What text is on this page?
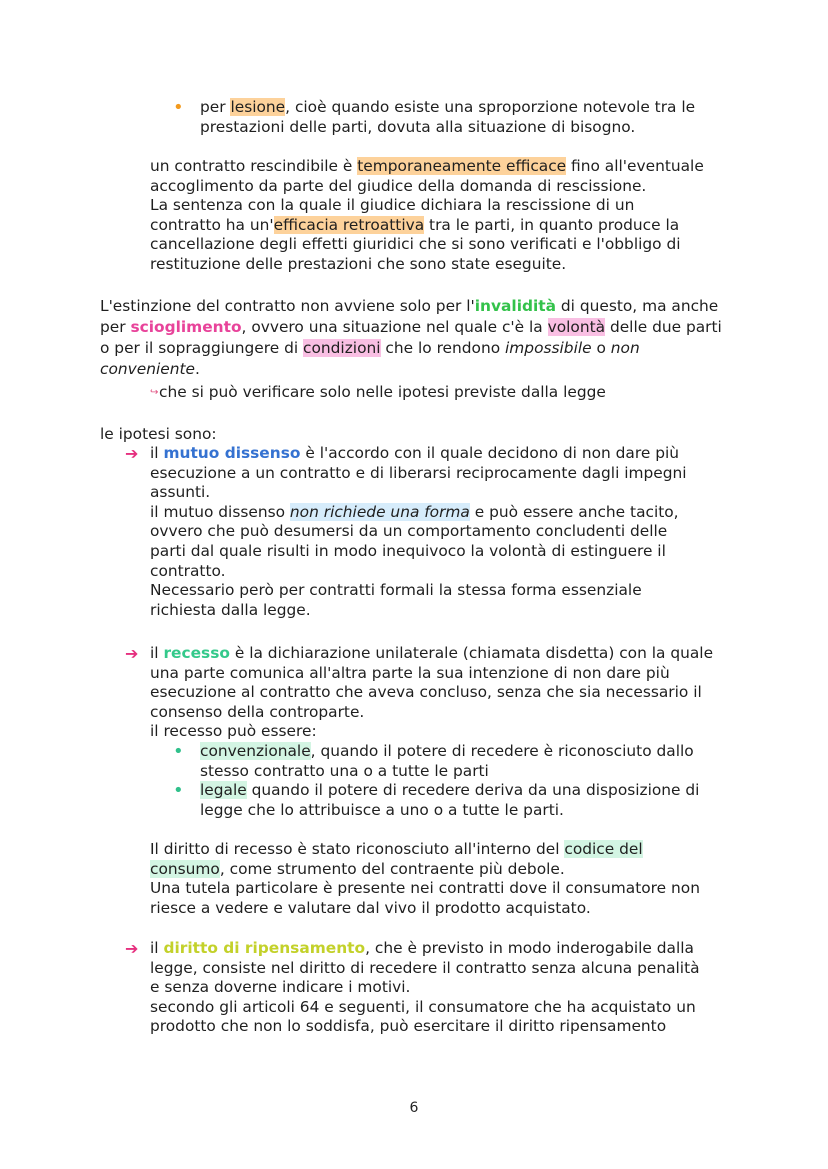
• per lesione, cioè quando esiste una sproporzione notevole tra le
prestazioni delle parti, dovuta alla situazione di bisogno.
un contratto rescindibile è temporaneamente efficace fino all'eventuale
accoglimento da parte del giudice della domanda di rescissione.
La sentenza con la quale il giudice dichiara la rescissione di un
contratto ha un'efficacia retroattiva tra le parti, in quanto produce la
cancellazione degli effetti giuridici che si sono verificati e l'obbligo di
restituzione delle prestazioni che sono state eseguite.
L'estinzione del contratto non avviene solo per l'invalidità di questo, ma anche
per scioglimento, ovvero una situazione nel quale c'è la volontà delle due parti
o per il sopraggiungere di condizioni che lo rendono impossibile o non
conveniente.
↪ che si può verificare solo nelle ipotesi previste dalla legge
le ipotesi sono:
➔ il mutuo dissenso è l'accordo con il quale decidono di non dare più
esecuzione a un contratto e di liberarsi reciprocamente dagli impegni
assunti.
il mutuo dissenso non richiede una forma e può essere anche tacito,
ovvero che può desumersi da un comportamento concludenti delle
parti dal quale risulti in modo inequivoco la volontà di estinguere il
contratto.
Necessario però per contratti formali la stessa forma essenziale
richiesta dalla legge.
➔ il recesso è la dichiarazione unilaterale (chiamata disdetta) con la quale
una parte comunica all'altra parte la sua intenzione di non dare più
esecuzione al contratto che aveva concluso, senza che sia necessario il
consenso della controparte.
il recesso può essere:
• convenzionale, quando il potere di recedere è riconosciuto dallo
stesso contratto una o a tutte le parti
• legale quando il potere di recedere deriva da una disposizione di
legge che lo attribuisce a uno o a tutte le parti.
Il diritto di recesso è stato riconosciuto all'interno del codice del
consumo, come strumento del contraente più debole.
Una tutela particolare è presente nei contratti dove il consumatore non
riesce a vedere e valutare dal vivo il prodotto acquistato.
➔ il diritto di ripensamento, che è previsto in modo inderogabile dalla
legge, consiste nel diritto di recedere il contratto senza alcuna penalità
e senza doverne indicare i motivi.
secondo gli articoli 64 e seguenti, il consumatore che ha acquistato un
prodotto che non lo soddisfa, può esercitare il diritto ripensamento
6
